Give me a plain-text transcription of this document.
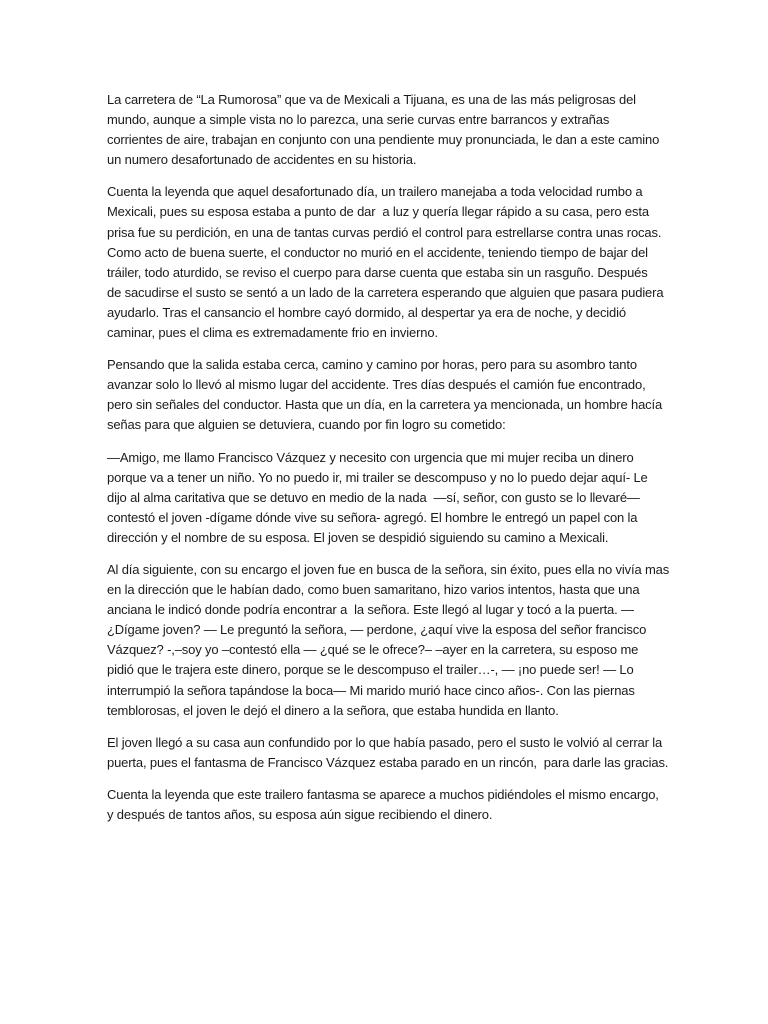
La carretera de “La Rumorosa” que va de Mexicali a Tijuana, es una de las más peligrosas del
mundo, aunque a simple vista no lo parezca, una serie curvas entre barrancos y extrañas
corrientes de aire, trabajan en conjunto con una pendiente muy pronunciada, le dan a este camino
un numero desafortunado de accidentes en su historia.
Cuenta la leyenda que aquel desafortunado día, un trailero manejaba a toda velocidad rumbo a
Mexicali, pues su esposa estaba a punto de dar  a luz y quería llegar rápido a su casa, pero esta
prisa fue su perdición, en una de tantas curvas perdió el control para estrellarse contra unas rocas.
Como acto de buena suerte, el conductor no murió en el accidente, teniendo tiempo de bajar del
tráiler, todo aturdido, se reviso el cuerpo para darse cuenta que estaba sin un rasguño. Después
de sacudirse el susto se sentó a un lado de la carretera esperando que alguien que pasara pudiera
ayudarlo. Tras el cansancio el hombre cayó dormido, al despertar ya era de noche, y decidió
caminar, pues el clima es extremadamente frio en invierno.
Pensando que la salida estaba cerca, camino y camino por horas, pero para su asombro tanto
avanzar solo lo llevó al mismo lugar del accidente. Tres días después el camión fue encontrado,
pero sin señales del conductor. Hasta que un día, en la carretera ya mencionada, un hombre hacía
señas para que alguien se detuviera, cuando por fin logro su cometido:
—Amigo, me llamo Francisco Vázquez y necesito con urgencia que mi mujer reciba un dinero
porque va a tener un niño. Yo no puedo ir, mi trailer se descompuso y no lo puedo dejar aquí- Le
dijo al alma caritativa que se detuvo en medio de la nada  —sí, señor, con gusto se lo llevaré—
contestó el joven -dígame dónde vive su señora- agregó. El hombre le entregó un papel con la
dirección y el nombre de su esposa. El joven se despidió siguiendo su camino a Mexicali.
Al día siguiente, con su encargo el joven fue en busca de la señora, sin éxito, pues ella no vivía mas
en la dirección que le habían dado, como buen samaritano, hizo varios intentos, hasta que una
anciana le indicó donde podría encontrar a  la señora. Este llegó al lugar y tocó a la puerta. —
¿Dígame joven? — Le preguntó la señora, — perdone, ¿aquí vive la esposa del señor francisco
Vázquez? -,–soy yo –contestó ella — ¿qué se le ofrece?– –ayer en la carretera, su esposo me
pidió que le trajera este dinero, porque se le descompuso el trailer…-, — ¡no puede ser! — Lo
interrumpió la señora tapándose la boca— Mi marido murió hace cinco años-. Con las piernas
temblorosas, el joven le dejó el dinero a la señora, que estaba hundida en llanto.
El joven llegó a su casa aun confundido por lo que había pasado, pero el susto le volvió al cerrar la
puerta, pues el fantasma de Francisco Vázquez estaba parado en un rincón,  para darle las gracias.
Cuenta la leyenda que este trailero fantasma se aparece a muchos pidiéndoles el mismo encargo,
y después de tantos años, su esposa aún sigue recibiendo el dinero.
